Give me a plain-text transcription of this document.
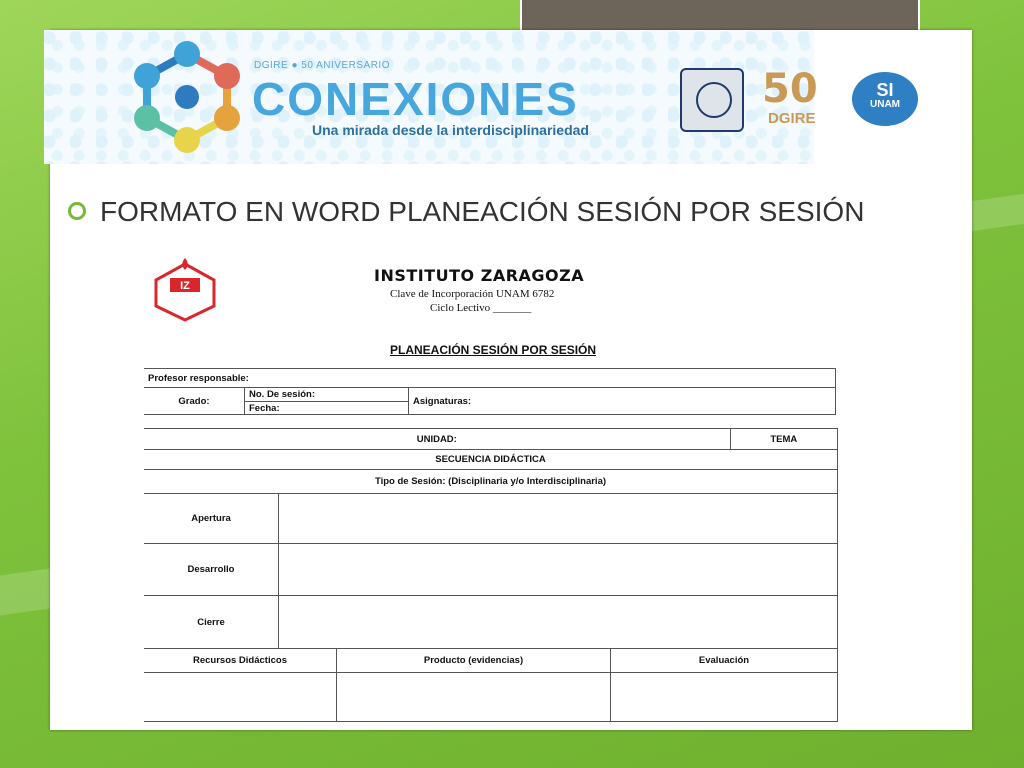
DGIRE ● 50 ANIVERSARIO
CONEXIONES
Una mirada desde la interdisciplinariedad
50
DGIRE
SI
UNAM
FORMATO EN WORD PLANEACIÓN SESIÓN POR SESIÓN
IZ
INSTITUTO ZARAGOZA
Clave de Incorporación UNAM 6782
Ciclo Lectivo _______
PLANEACIÓN SESIÓN POR SESIÓN
Profesor responsable:
Grado:	No. De sesión:	Asignaturas:
Fecha:
UNIDAD:		TEMA
SECUENCIA DIDÁCTICA		
Tipo de Sesión: (Disciplinaria y/o Interdisciplinaria)		
Apertura		
Desarrollo		
Cierre		
Recursos Didácticos	Producto (evidencias)	Evaluación
